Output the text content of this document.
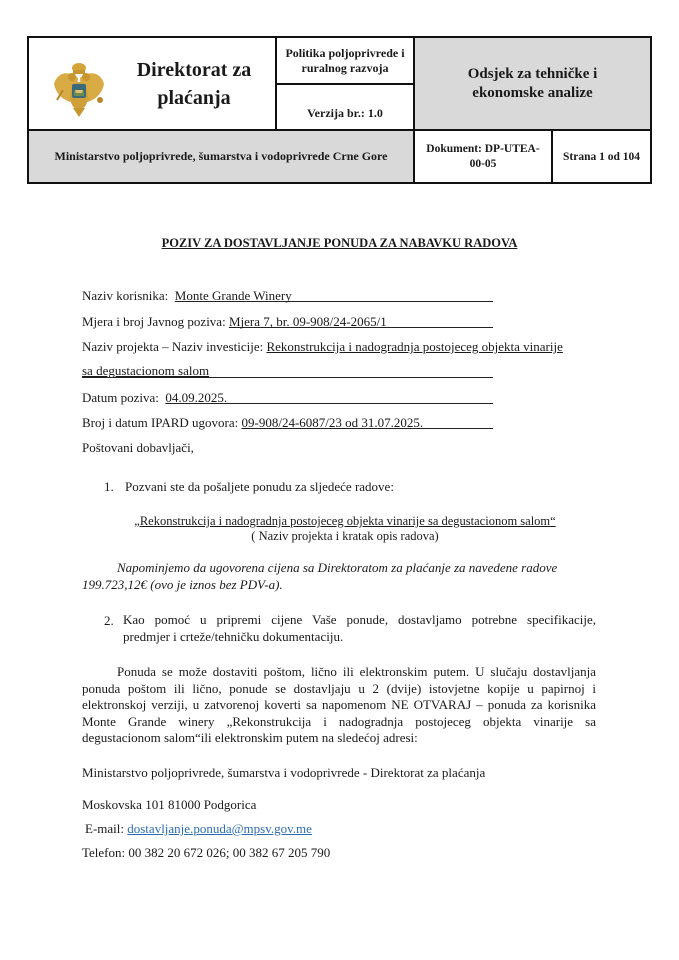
Direktorat za plaćanja
Politika poljoprivrede i ruralnog razvoja
Verzija br.: 1.0
Odsjek za tehničke i ekonomske analize
Ministarstvo poljoprivrede, šumarstva i vodoprivrede Crne Gore
Dokument: DP-UTEA-00-05
Strana 1 od 104
POZIV ZA DOSTAVLJANJE PONUDA ZA NABAVKU RADOVA
Naziv korisnika: Monte Grande Winery
Mjera i broj Javnog poziva: Mjera 7, br. 09-908/24-2065/1
Naziv projekta – Naziv investicije: Rekonstrukcija i nadogradnja postojeceg objekta vinarije
sa degustacionom salom
Datum poziva: 04.09.2025.
Broj i datum IPARD ugovora: 09-908/24-6087/23 od 31.07.2025.
Poštovani dobavljači,
1. Pozvani ste da pošaljete ponudu za sljedeće radove:
„Rekonstrukcija i nadogradnja postojeceg objekta vinarije sa degustacionom salom“
( Naziv projekta i kratak opis radova)
Napominjemo da ugovorena cijena sa Direktoratom za plaćanje za navedene radove
199.723,12€ (ovo je iznos bez PDV-a).
2. Kao pomoć u pripremi cijene Vaše ponude, dostavljamo potrebne specifikacije,
predmjer i crteže/tehničku dokumentaciju.
Ponuda se može dostaviti poštom, lično ili elektronskim putem. U slučaju dostavljanja ponuda poštom ili lično, ponude se dostavljaju u 2 (dvije) istovjetne kopije u papirnoj i elektronskoj verziji, u zatvorenoj koverti sa napomenom NE OTVARAJ – ponuda za korisnika Monte Grande winery „Rekonstrukcija i nadogradnja postojeceg objekta vinarije sa degustacionom salom“ili elektronskim putem na sledećoj adresi:
Ministarstvo poljoprivrede, šumarstva i vodoprivrede - Direktorat za plaćanja
Moskovska 101 81000 Podgorica
E-mail: dostavljanje.ponuda@mpsv.gov.me
Telefon: 00 382 20 672 026; 00 382 67 205 790
